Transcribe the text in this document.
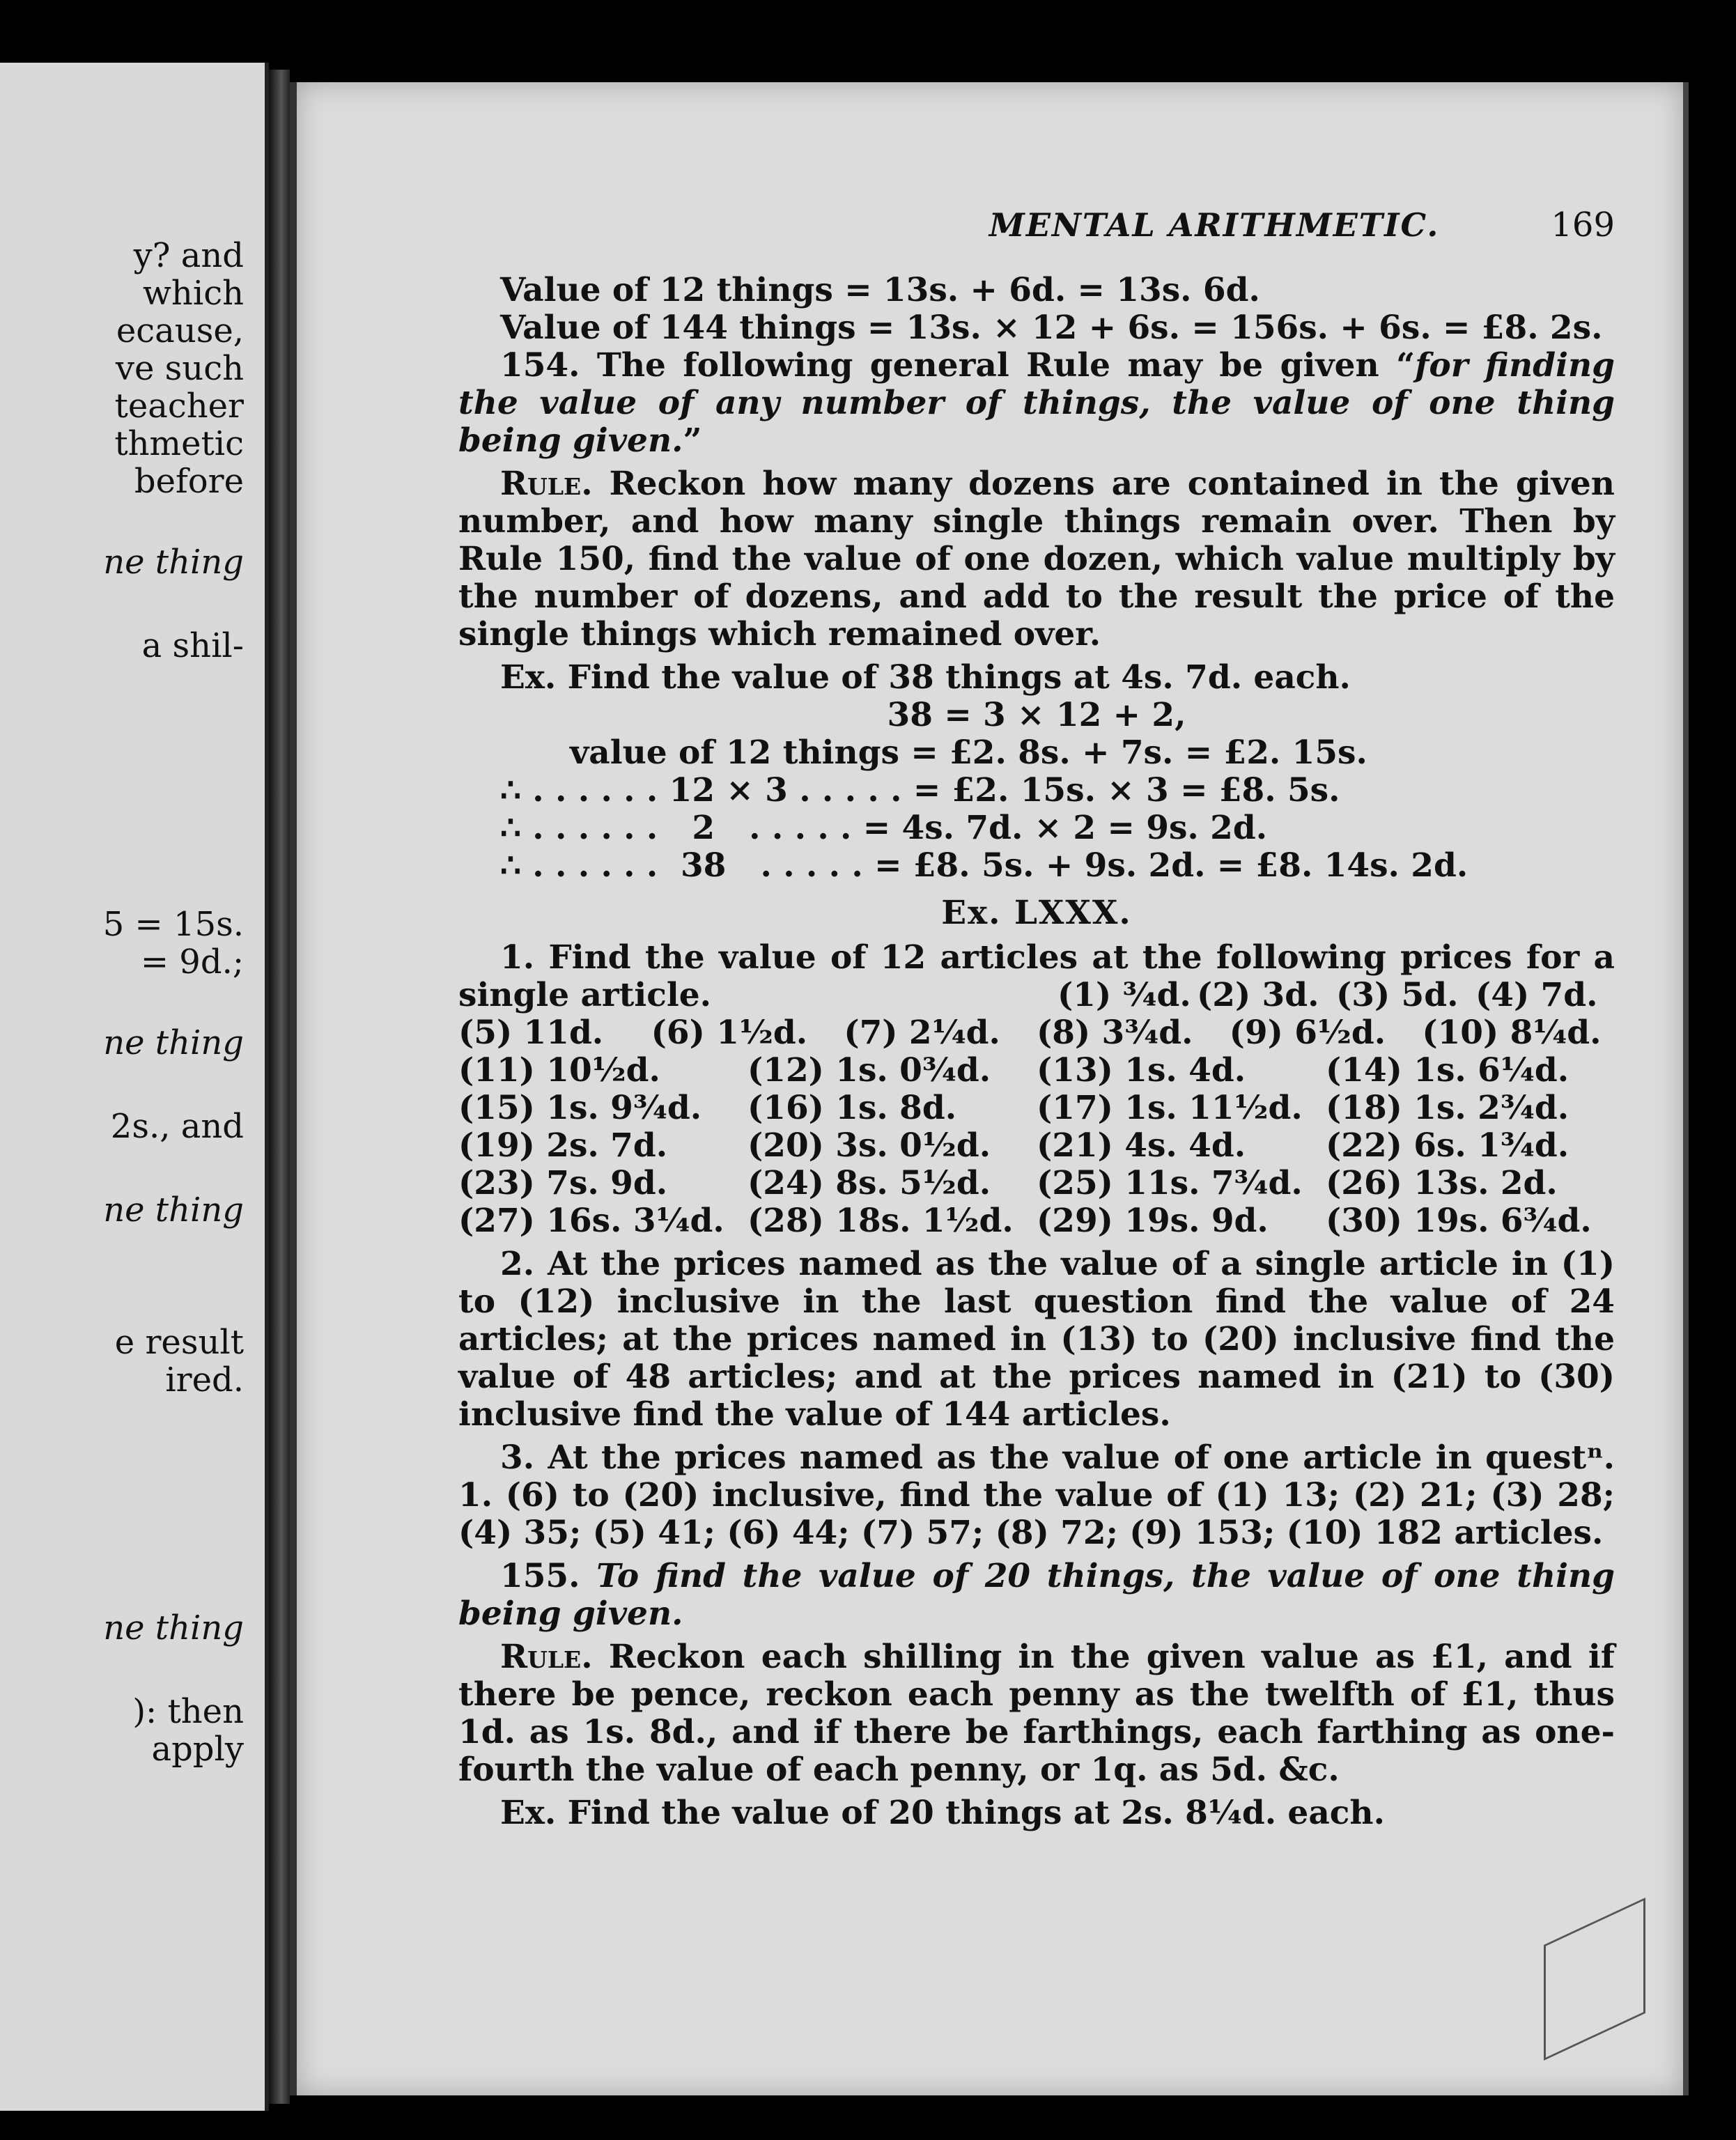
y? and
which
ecause,
ve such
teacher
thmetic
before
ne thing
a shil-
5 = 15s.
= 9d.;
ne thing
2s., and
ne thing
e result
ired.
ne thing
): then
apply
MENTAL ARITHMETIC.	169

Value of 12 things = 13s. + 6d. = 13s. 6d.

Value of 144 things = 13s. × 12 + 6s. = 156s. + 6s. = £8. 2s.

154. The following general Rule may be given “for finding the value of any number of things, the value of one thing being given.”

Rule. Reckon how many dozens are contained in the given number, and how many single things remain over. Then by Rule 150, find the value of one dozen, which value multiply by the number of dozens, and add to the result the price of the single things which remained over.

Ex. Find the value of 38 things at 4s. 7d. each.

38 = 3 × 12 + 2,

value of 12 things = £2. 8s. + 7s. = £2. 15s.

∴ . . . . . . 12 × 3 . . . . . = £2. 15s. × 3 = £8. 5s.

∴ . . . . . .   2   . . . . . = 4s. 7d. × 2 = 9s. 2d.

∴ . . . . . .  38   . . . . . = £8. 5s. + 9s. 2d. = £8. 14s. 2d.

Ex. LXXX.

1. Find the value of 12 articles at the following prices for a single article.	(1) ¾d. (2) 3d. (3) 5d. (4) 7d.
(5) 11d.	(6) 1½d.	(7) 2¼d.	(8) 3¾d.	(9) 6½d.	(10) 8¼d.
(11) 10½d.	(12) 1s. 0¾d.	(13) 1s. 4d.	(14) 1s. 6¼d.
(15) 1s. 9¾d.	(16) 1s. 8d.	(17) 1s. 11½d. (18) 1s. 2¾d.
(19) 2s. 7d.	(20) 3s. 0½d.	(21) 4s. 4d.	(22) 6s. 1¾d.
(23) 7s. 9d.	(24) 8s. 5½d.	(25) 11s. 7¾d. (26) 13s. 2d.
(27) 16s. 3¼d. (28) 18s. 1½d. (29) 19s. 9d.	(30) 19s. 6¾d.

2. At the prices named as the value of a single article in (1) to (12) inclusive in the last question find the value of 24 articles; at the prices named in (13) to (20) inclusive find the value of 48 articles; and at the prices named in (21) to (30) inclusive find the value of 144 articles.

3. At the prices named as the value of one article in questⁿ. 1. (6) to (20) inclusive, find the value of (1) 13; (2) 21; (3) 28; (4) 35; (5) 41; (6) 44; (7) 57; (8) 72; (9) 153; (10) 182 articles.

155. To find the value of 20 things, the value of one thing being given.

Rule. Reckon each shilling in the given value as £1, and if there be pence, reckon each penny as the twelfth of £1, thus 1d. as 1s. 8d., and if there be farthings, each farthing as one-fourth the value of each penny, or 1q. as 5d. &c.

Ex. Find the value of 20 things at 2s. 8¼d. each.
